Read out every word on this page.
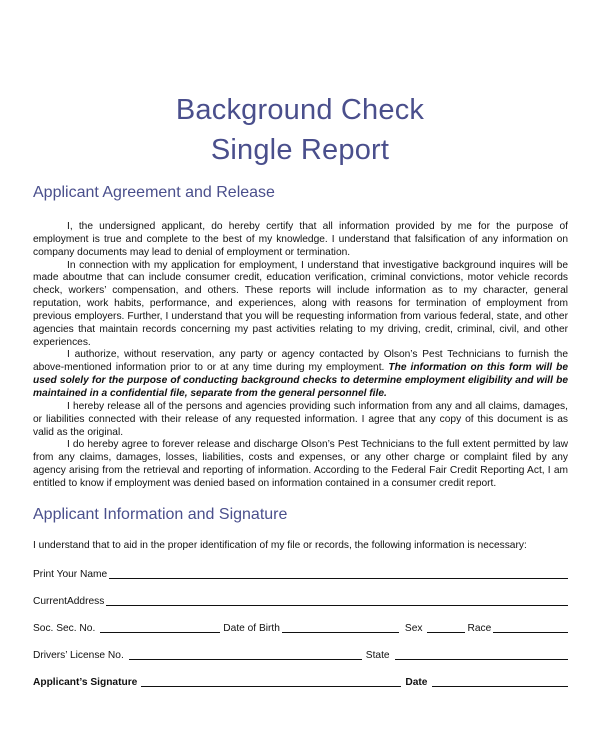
Background Check
Single Report
Applicant Agreement and Release

I, the undersigned applicant, do hereby certify that all information provided by me for the purpose of employment is true and complete to the best of my knowledge. I understand that falsification of any information on company documents may lead to denial of employment or termination.

In connection with my application for employment, I understand that investigative background inquires will be made aboutme that can include consumer credit, education verification, criminal convictions, motor vehicle records check, workers’ compensation, and others. These reports will include information as to my character, general reputation, work habits, performance, and experiences, along with reasons for termination of employment from previous employers. Further, I understand that you will be requesting information from various federal, state, and other agencies that maintain records concerning my past activities relating to my driving, credit, criminal, civil, and other experiences.

I authorize, without reservation, any party or agency contacted by Olson’s Pest Technicians to furnish the above-mentioned information prior to or at any time during my employment. The information on this form will be used solely for the purpose of conducting background checks to determine employment eligibility and will be maintained in a confidential file, separate from the general personnel file.

I hereby release all of the persons and agencies providing such information from any and all claims, damages, or liabilities connected with their release of any requested information. I agree that any copy of this document is as valid as the original.

I do hereby agree to forever release and discharge Olson’s Pest Technicians to the full extent permitted by law from any claims, damages, losses, liabilities, costs and expenses, or any other charge or complaint filed by any agency arising from the retrieval and reporting of information. According to the Federal Fair Credit Reporting Act, I am entitled to know if employment was denied based on information contained in a consumer credit report.

Applicant Information and Signature
I understand that to aid in the proper identification of my file or records, the following information is necessary:
Print Your Name
CurrentAddress
Soc. Sec. No.	Date of Birth	Sex	Race
Drivers’ License No.	State
Applicant’s Signature	Date
